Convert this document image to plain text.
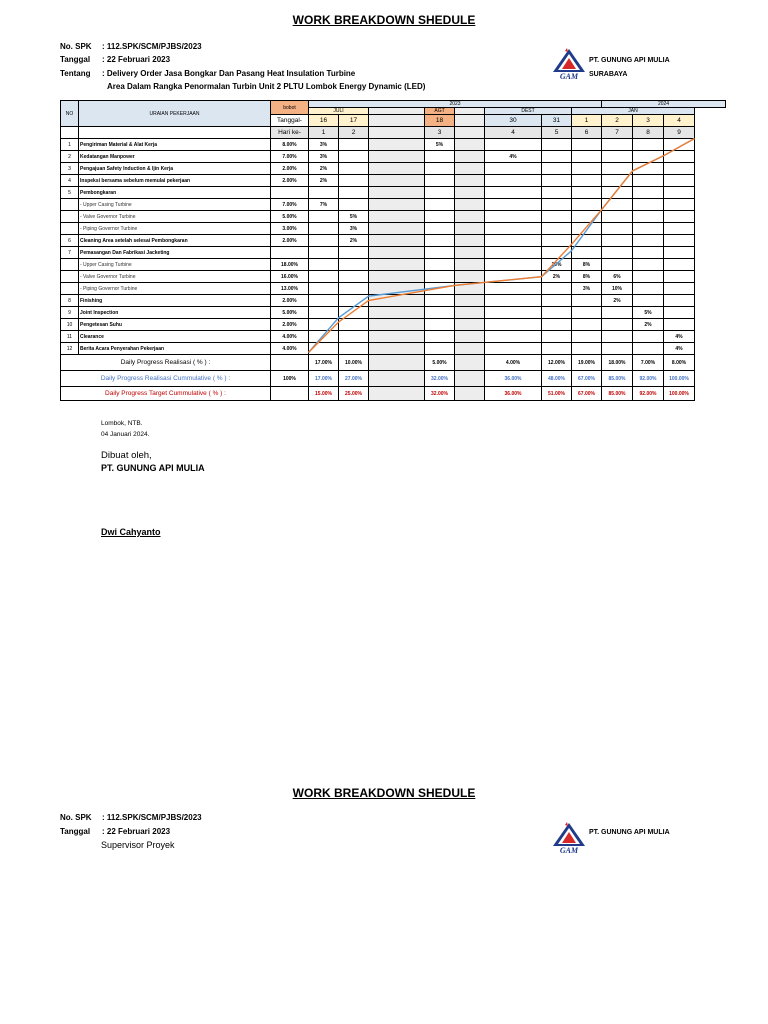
WORK BREAKDOWN SHEDULE
No. SPK : 112.SPK/SCM/PJBS/2023
Tanggal : 22 Februari 2023
Tentang : Delivery Order Jasa Bongkar Dan Pasang Heat Insulation Turbine
Area Dalam Rangka Penormalan Turbin Unit 2 PLTU Lombok Energy Dynamic (LED)
GAM
PT. GUNUNG API MULIA
SURABAYA
NO	URAIAN PEKERJAAN	bobot	2023								2024		
			JULI			AGT		DEST		JAN			
		Tanggal-	16	17		18		30	31	1	2	3	4
		Hari ke-	1	2		3		4	5	6	7	8	9
1	Pengiriman Material & Alat Kerja	8.00%	3%			5%							
2	Kedatangan Manpower	7.00%	3%					4%					
3	Pengajuan Safety Induction & Ijin Kerja	2.00%	2%										
4	Inspeksi bersama sebelum memulai pekerjaan	2.00%	2%										
5	Pembongkaran												
	- Upper Casing Turbine	7.00%	7%										
	- Valve Governor Turbine	5.00%		5%									
	- Piping Governor Turbine	3.00%		3%									
6	Cleaning Area setelah selesai Pembongkaran	2.00%		2%									
7	Pemasangan Dan Fabrikasi Jacketing												
	- Upper Casing Turbine	18.00%							10%	8%			
	- Valve Governor Turbine	16.00%							2%	8%	6%		
	- Piping Governor Turbine	13.00%								3%	10%		
8	Finishing	2.00%									2%		
9	Joint Inspection	5.00%										5%	
10	Pengetesan Suhu	2.00%										2%	
11	Clearance	4.00%											4%
12	Berita Acara Penyerahan Pekerjaan	4.00%											4%
Daily Progress Realisasi ( % ) :			17.00%	10.00%		5.00%		4.00%	12.00%	19.00%	18.00%	7.00%	8.00%
Daily Progress Realisasi Cummulative ( % ) :		100%	17.00%	27.00%		32.00%		36.00%	48.00%	67.00%	85.00%	92.00%	100.00%
Daily Progress Target Cummulative ( % ) :			15.00%	25.00%		32.00%		36.00%	51.00%	67.00%	85.00%	92.00%	100.00%
Lombok, NTB.
04 Januari 2024.
Dibuat oleh,
PT. GUNUNG API MULIA
Dwi Cahyanto
WORK BREAKDOWN SHEDULE
No. SPK : 112.SPK/SCM/PJBS/2023
Tanggal : 22 Februari 2023
Supervisor Proyek
GAM
PT. GUNUNG API MULIA
